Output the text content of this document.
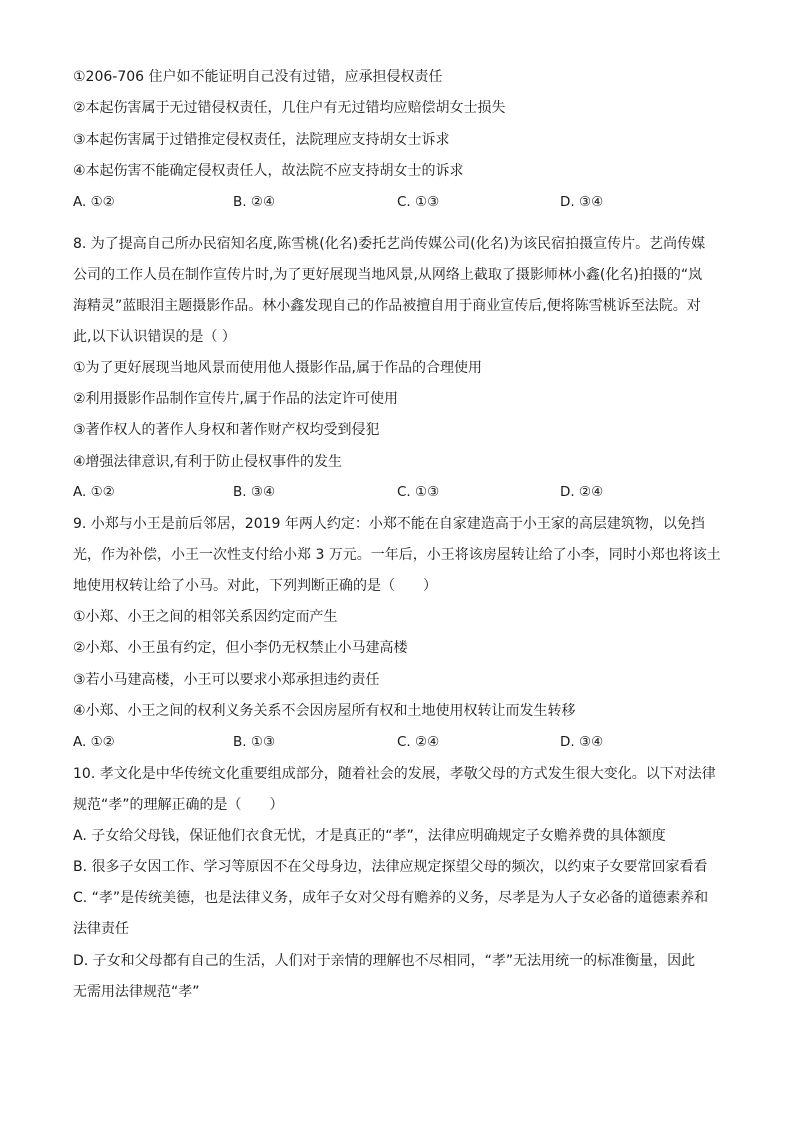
①206-706 住户如不能证明自己没有过错，应承担侵权责任
②本起伤害属于无过错侵权责任，几住户有无过错均应赔偿胡女士损失
③本起伤害属于过错推定侵权责任，法院理应支持胡女士诉求
④本起伤害不能确定侵权责任人，故法院不应支持胡女士的诉求
A. ①②	B. ②④	C. ①③	D. ③④
8. 为了提高自己所办民宿知名度,陈雪桃(化名)委托艺尚传媒公司(化名)为该民宿拍摄宣传片。艺尚传媒
公司的工作人员在制作宣传片时,为了更好展现当地风景,从网络上截取了摄影师林小鑫(化名)拍摄的“岚
海精灵”蓝眼泪主题摄影作品。林小鑫发现自己的作品被擅自用于商业宣传后,便将陈雪桃诉至法院。对
此,以下认识错误的是（ ）
①为了更好展现当地风景而使用他人摄影作品,属于作品的合理使用
②利用摄影作品制作宣传片,属于作品的法定许可使用
③著作权人的著作人身权和著作财产权均受到侵犯
④增强法律意识,有利于防止侵权事件的发生
A. ①②	B. ③④	C. ①③	D. ②④
9. 小郑与小王是前后邻居，2019 年两人约定：小郑不能在自家建造高于小王家的高层建筑物，以免挡
光，作为补偿，小王一次性支付给小郑 3 万元。一年后，小王将该房屋转让给了小李，同时小郑也将该土
地使用权转让给了小马。对此，下列判断正确的是（　　）
①小郑、小王之间的相邻关系因约定而产生
②小郑、小王虽有约定，但小李仍无权禁止小马建高楼
③若小马建高楼，小王可以要求小郑承担违约责任
④小郑、小王之间的权利义务关系不会因房屋所有权和土地使用权转让而发生转移
A. ①②	B. ①③	C. ②④	D. ③④
10. 孝文化是中华传统文化重要组成部分，随着社会的发展，孝敬父母的方式发生很大变化。以下对法律
规范“孝”的理解正确的是（　　）
A. 子女给父母钱，保证他们衣食无忧，才是真正的“孝”，法律应明确规定子女赡养费的具体额度
B. 很多子女因工作、学习等原因不在父母身边，法律应规定探望父母的频次，以约束子女要常回家看看
C. “孝”是传统美德，也是法律义务，成年子女对父母有赡养的义务，尽孝是为人子女必备的道德素养和
法律责任
D. 子女和父母都有自己的生活，人们对于亲情的理解也不尽相同，“孝”无法用统一的标准衡量，因此
无需用法律规范“孝”
